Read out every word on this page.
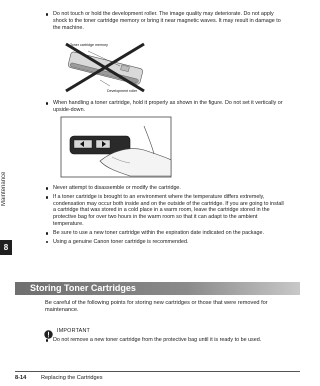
Maintenance
8
Do not touch or hold the development roller. The image quality may deteriorate. Do not apply shock to the toner cartridge memory or bring it near magnetic waves. It may result in damage to the machine.
Toner cartridge memory
Development roller
When handling a toner cartridge, hold it properly as shown in the figure. Do not set it vertically or upside-down.
Never attempt to disassemble or modify the cartridge.
If a toner cartridge is brought to an environment where the temperature differs extremely, condensation may occur both inside and on the outside of the cartridge. If you are going to install a cartridge that was stored in a cold place in a warm room, leave the cartridge stored in the protective bag for over two hours in the warm room so that it can adapt to the ambient temperature.
Be sure to use a new toner cartridge within the expiration date indicated on the package.
Using a genuine Canon toner cartridge is recommended.
Storing Toner Cartridges
Be careful of the following points for storing new cartridges or those that were removed for maintenance.
IMPORTANT
Do not remove a new toner cartridge from the protective bag until it is ready to be used.
8-14	Replacing the Cartridges
